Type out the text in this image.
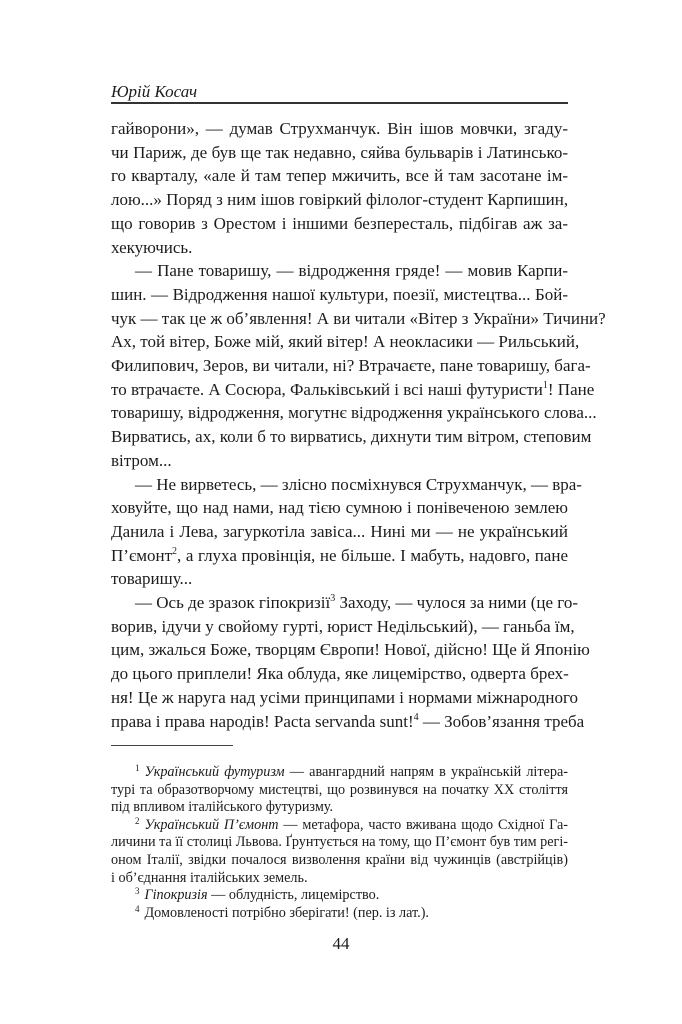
Юрій Косач
гайворони», — думав Струхманчук. Він ішов мовчки, згаду-
чи Париж, де був ще так недавно, сяйва бульварів і Латинсько-
го кварталу, «але й там тепер мжичить, все й там засотане ім-
лою...» Поряд з ним ішов говіркий філолог-студент Карпишин,
що говорив з Орестом і іншими безпересталь, підбігав аж за-
хекуючись.
— Пане товаришу, — відродження гряде! — мовив Карпи-
шин. — Відродження нашої культури, поезії, мистецтва... Бой-
чук — так це ж об’явлення! А ви читали «Вітер з України» Тичини?
Ах, той вітер, Боже мій, який вітер! А неокласики — Рильський,
Филипович, Зеров, ви читали, ні? Втрачаєте, пане товаришу, бага-
то втрачаєте. А Сосюра, Фальківський і всі наші футуристи$^1$! Пане
товаришу, відродження, могутнє відродження українського слова...
Вирватись, ах, коли б то вирватись, дихнути тим вітром, степовим
вітром...
— Не вирветесь, — злісно посміхнувся Струхманчук, — вра-
ховуйте, що над нами, над тією сумною і понівеченою землею
Данила і Лева, загуркотіла завіса... Нині ми — не український
П’ємонт$^2$, а глуха провінція, не більше. І мабуть, надовго, пане
товаришу...
— Ось де зразок гіпокризії$^3$ Заходу, — чулося за ними (це го-
ворив, ідучи у свойому гурті, юрист Недільський), — ганьба їм,
цим, зжалься Боже, творцям Європи! Нової, дійсно! Ще й Японію
до цього приплели! Яка облуда, яке лицемірство, одверта брех-
ня! Це ж наруга над усіми принципами і нормами міжнародного
права і права народів! Pacta servanda sunt!$^4$ — Зобов’язання треба
$^1$ Український футуризм — авангардний напрям в українській літера-
турі та образотворчому мистецтві, що розвинувся на початку XX століття
під впливом італійського футуризму.
$^2$ Український П’ємонт — метафора, часто вживана щодо Східної Га-
личини та її столиці Львова. Ґрунтується на тому, що П’ємонт був тим регі-
оном Італії, звідки почалося визволення країни від чужинців (австрійців)
і об’єднання італійських земель.
$^3$ Гіпокризія — облудність, лицемірство.
$^4$ Домовленості потрібно зберігати! (пер. із лат.).
44
